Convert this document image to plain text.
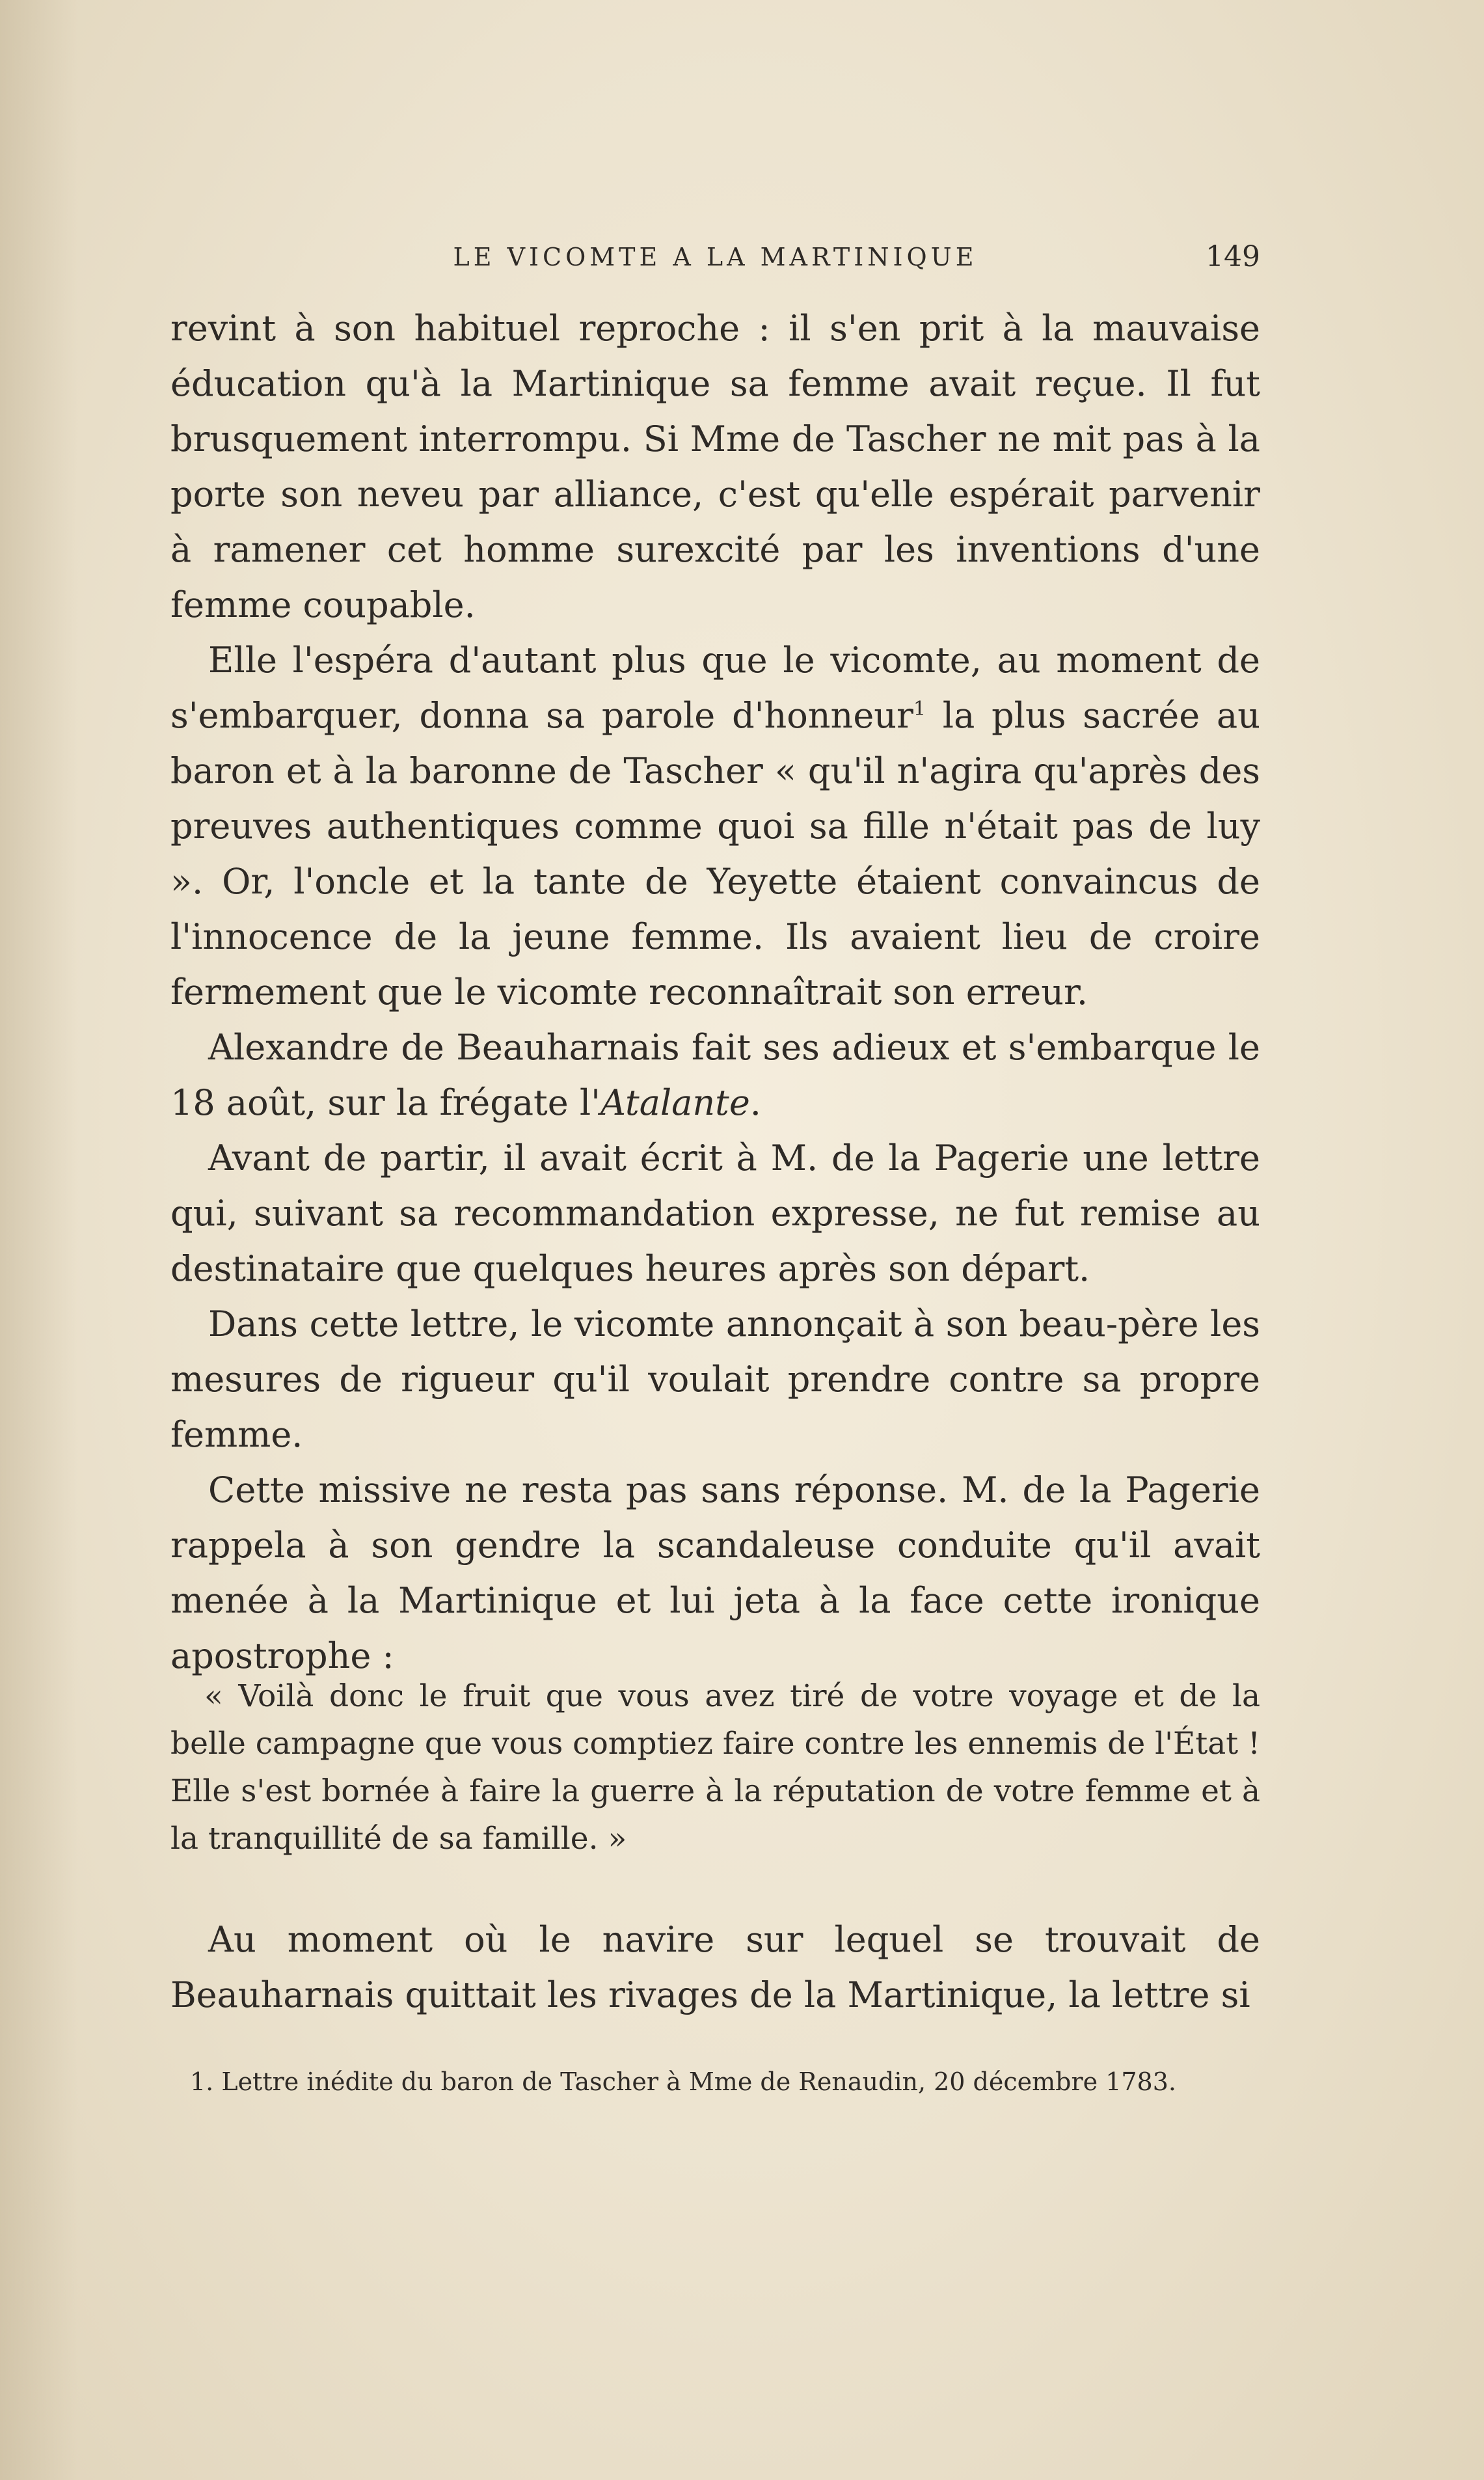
LE VICOMTE A LA MARTINIQUE	149

revint à son habituel reproche : il s'en prit à la mauvaise éducation qu'à la Martinique sa femme avait reçue. Il fut brusquement interrompu. Si Mme de Tascher ne mit pas à la porte son neveu par alliance, c'est qu'elle espérait parvenir à ramener cet homme surexcité par les inventions d'une femme coupable.

Elle l'espéra d'autant plus que le vicomte, au moment de s'embarquer, donna sa parole d'honneur$^1$ la plus sacrée au baron et à la baronne de Tascher « qu'il n'agira qu'après des preuves authentiques comme quoi sa fille n'était pas de luy ». Or, l'oncle et la tante de Yeyette étaient convaincus de l'innocence de la jeune femme. Ils avaient lieu de croire fermement que le vicomte reconnaîtrait son erreur.

Alexandre de Beauharnais fait ses adieux et s'embarque le 18 août, sur la frégate l'Atalante.

Avant de partir, il avait écrit à M. de la Pagerie une lettre qui, suivant sa recommandation expresse, ne fut remise au destinataire que quelques heures après son départ.

Dans cette lettre, le vicomte annonçait à son beau-père les mesures de rigueur qu'il voulait prendre contre sa propre femme.

Cette missive ne resta pas sans réponse. M. de la Pagerie rappela à son gendre la scandaleuse conduite qu'il avait menée à la Martinique et lui jeta à la face cette ironique apostrophe :

« Voilà donc le fruit que vous avez tiré de votre voyage et de la belle campagne que vous comptiez faire contre les ennemis de l'État ! Elle s'est bornée à faire la guerre à la réputation de votre femme et à la tranquillité de sa famille. »

Au moment où le navire sur lequel se trouvait de Beauharnais quittait les rivages de la Martinique, la lettre si

1. Lettre inédite du baron de Tascher à Mme de Renaudin, 20 décembre 1783.
